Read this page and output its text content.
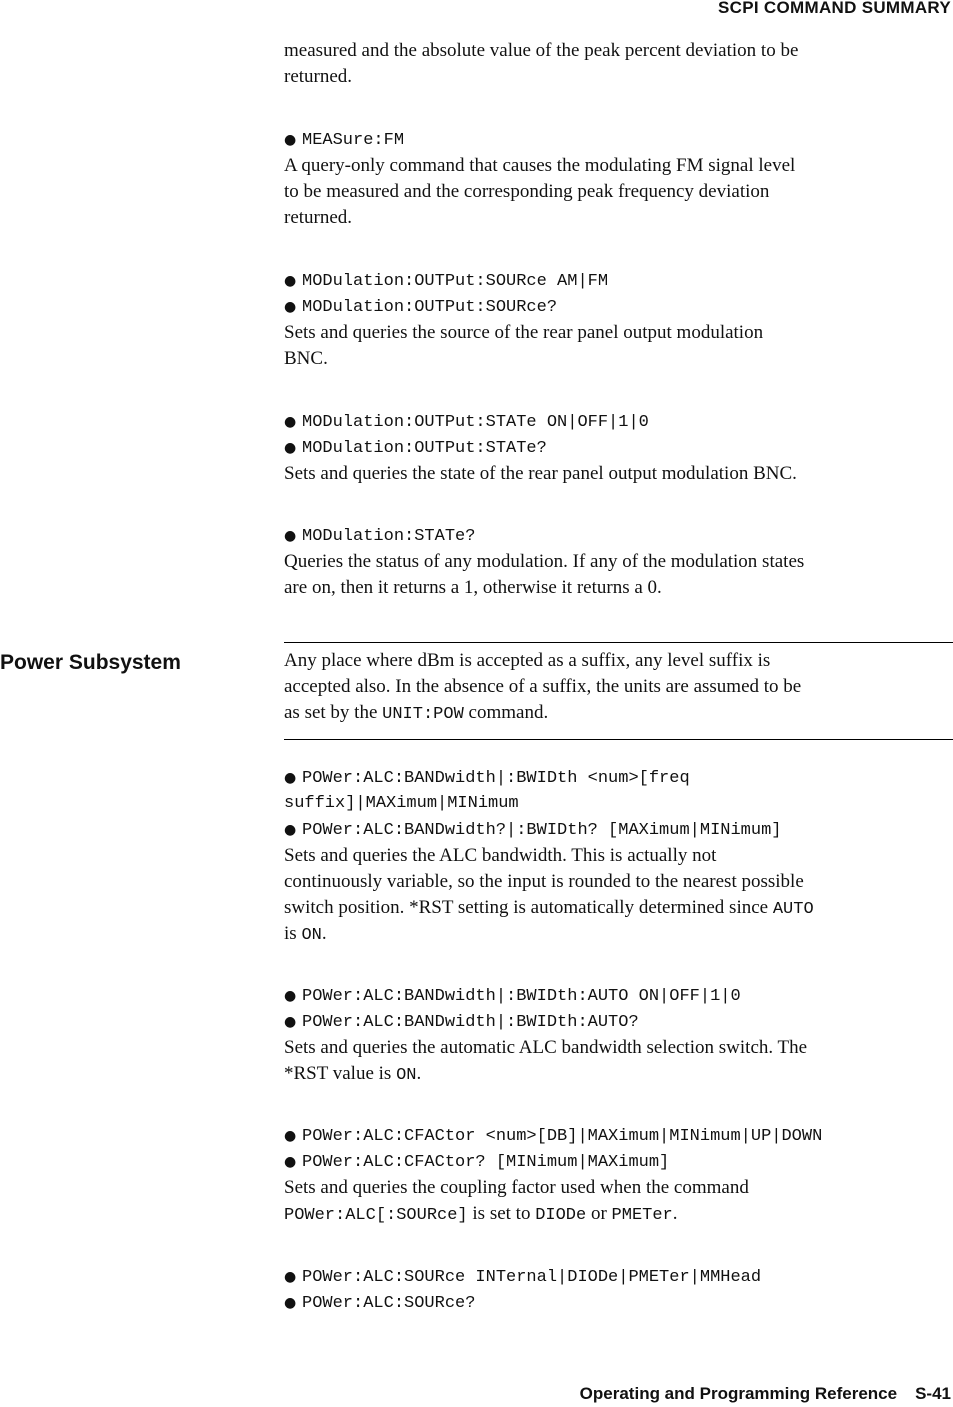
SCPI COMMAND SUMMARY
measured and the absolute value of the peak percent deviation to be
returned.
● MEASure:FM
A query-only command that causes the modulating FM signal level
to be measured and the corresponding peak frequency deviation
returned.
● MODulation:OUTPut:SOURce AM|FM
● MODulation:OUTPut:SOURce?
Sets and queries the source of the rear panel output modulation
BNC.
● MODulation:OUTPut:STATe ON|OFF|1|0
● MODulation:OUTPut:STATe?
Sets and queries the state of the rear panel output modulation BNC.
● MODulation:STATe?
Queries the status of any modulation. If any of the modulation states
are on, then it returns a 1, otherwise it returns a 0.
Power Subsystem	Any place where dBm is accepted as a suffix, any level suffix is
accepted also. In the absence of a suffix, the units are assumed to be
as set by the UNIT:POW command.
● POWer:ALC:BANDwidth|:BWIDth <num>[freq
suffix]|MAXimum|MINimum
● POWer:ALC:BANDwidth?|:BWIDth? [MAXimum|MINimum]
Sets and queries the ALC bandwidth. This is actually not
continuously variable, so the input is rounded to the nearest possible
switch position. *RST setting is automatically determined since AUTO
is ON.
● POWer:ALC:BANDwidth|:BWIDth:AUTO ON|OFF|1|0
● POWer:ALC:BANDwidth|:BWIDth:AUTO?
Sets and queries the automatic ALC bandwidth selection switch. The
*RST value is ON.
● POWer:ALC:CFACtor <num>[DB]|MAXimum|MINimum|UP|DOWN
● POWer:ALC:CFACtor? [MINimum|MAXimum]
Sets and queries the coupling factor used when the command
POWer:ALC[:SOURce] is set to DIODe or PMETer.
● POWer:ALC:SOURce INTernal|DIODe|PMETer|MMHead
● POWer:ALC:SOURce?
Operating and Programming Reference S-41
